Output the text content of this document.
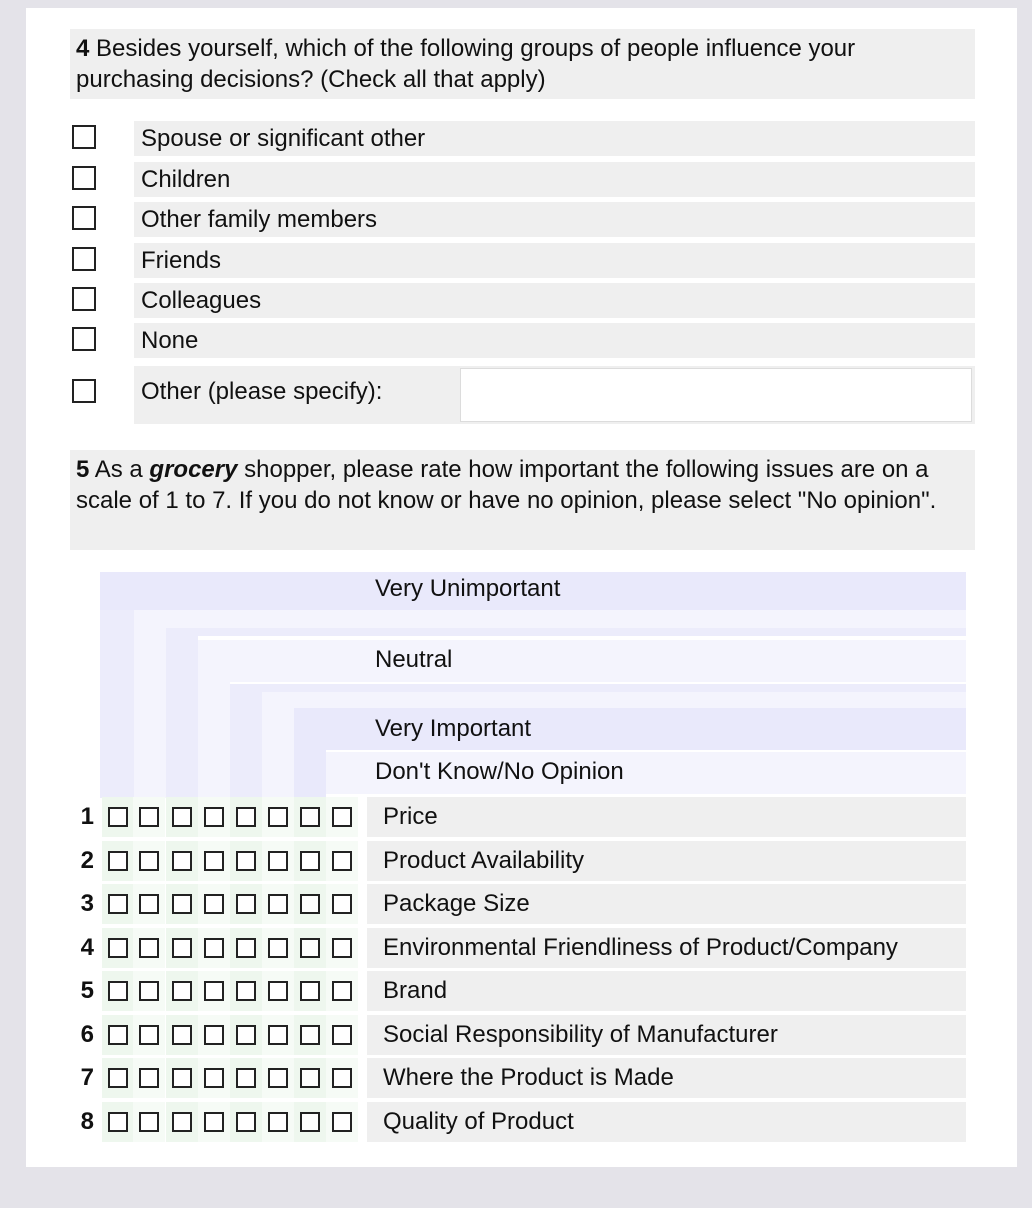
4 Besides yourself, which of the following groups of people influence your purchasing decisions? (Check all that apply)
Spouse or significant other
Children
Other family members
Friends
Colleagues
None
Other (please specify):
5 As a grocery shopper, please rate how important the following issues are on a scale of 1 to 7. If you do not know or have no opinion, please select "No opinion".
Very Unimportant
Neutral
Very Important
Don't Know/No Opinion
1	Price
2	Product Availability
3	Package Size
4	Environmental Friendliness of Product/Company
5	Brand
6	Social Responsibility of Manufacturer
7	Where the Product is Made
8	Quality of Product
